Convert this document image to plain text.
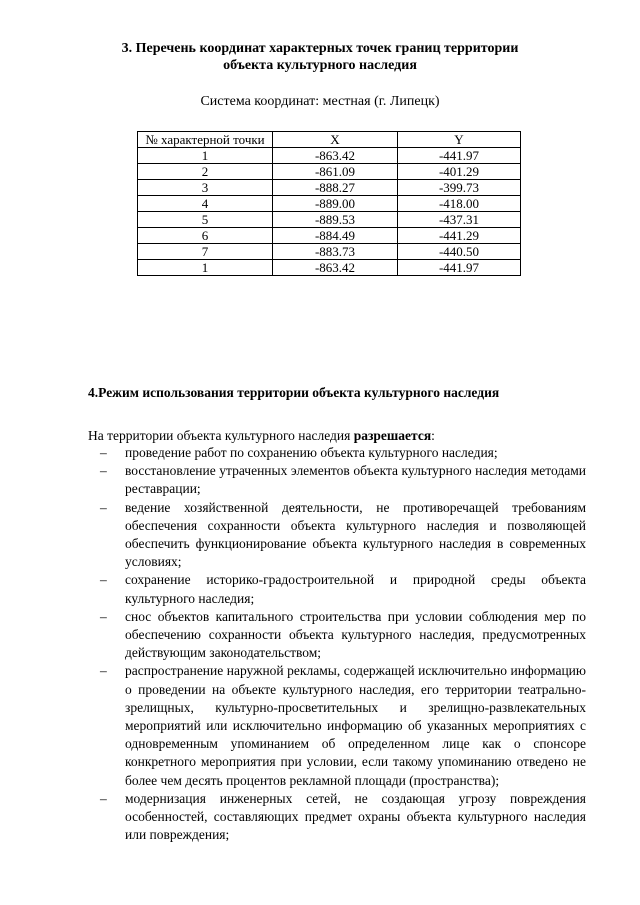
3. Перечень координат характерных точек границ территории
объекта культурного наследия
Система координат: местная (г. Липецк)
№ характерной точки	X	Y
1	-863.42	-441.97
2	-861.09	-401.29
3	-888.27	-399.73
4	-889.00	-418.00
5	-889.53	-437.31
6	-884.49	-441.29
7	-883.73	-440.50
1	-863.42	-441.97
4.Режим использования территории объекта культурного наследия
На территории объекта культурного наследия разрешается:
– проведение работ по сохранению объекта культурного наследия;
– восстановление утраченных элементов объекта культурного наследия методами реставрации;
– ведение хозяйственной деятельности, не противоречащей требованиям обеспечения сохранности объекта культурного наследия и позволяющей обеспечить функционирование объекта культурного наследия в современных условиях;
– сохранение историко-градостроительной и природной среды объекта культурного наследия;
– снос объектов капитального строительства при условии соблюдения мер по обеспечению сохранности объекта культурного наследия, предусмотренных действующим законодательством;
– распространение наружной рекламы, содержащей исключительно информацию о проведении на объекте культурного наследия, его территории театрально-зрелищных, культурно-просветительных и зрелищно-развлекательных мероприятий или исключительно информацию об указанных мероприятиях с одновременным упоминанием об определенном лице как о спонсоре конкретного мероприятия при условии, если такому упоминанию отведено не более чем десять процентов рекламной площади (пространства);
– модернизация инженерных сетей, не создающая угрозу повреждения особенностей, составляющих предмет охраны объекта культурного наследия или повреждения;
